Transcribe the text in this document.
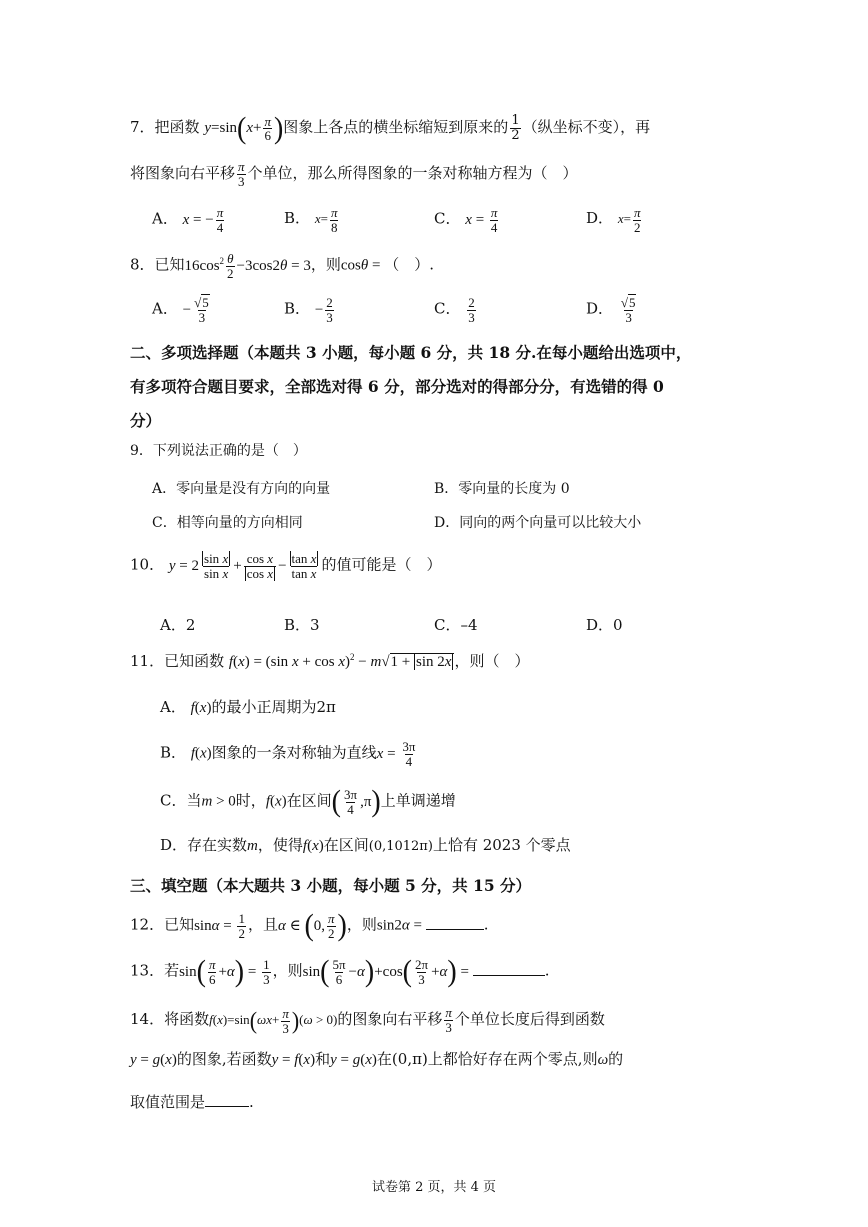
7．把函数 $y=\sin(x+ \frac{\pi}{6}$ )图象上各点的横坐标缩短到原来的 $\frac{1}{2}$ （纵坐标不变），再
将图象向右平移 $\frac{\pi}{3}$ 个单位，那么所得图象的一条对称轴方程为（　）
A． x = − $\frac{\pi}{4}$	B． $x= \frac{\pi}{8}$	C． $x = \frac{\pi}{4}$	D． $x= \frac{\pi}{2}$
8．已知$16\cos^2 \frac{\theta}{2} -3\cos 2\theta = 3$，则cosθ = （　）.
A． − $\frac{√5}{3}$	B． − $\frac{2}{3}$	C． $\frac{2}{3}$	D． $\frac{√5}{3}$
二、多项选择题（本题共 3 小题，每小题 6 分，共 18 分.在每小题给出选项中，
有多项符合题目要求，全部选对得 6 分，部分选对的得部分分，有选错的得 0
分）
9．下列说法正确的是（　）
A．零向量是没有方向的向量	B．零向量的长度为 0
C．相等向量的方向相同	D．同向的两个向量可以比较大小
10． $y = 2 \frac{\text{sin x}}{\text{sin x}} + \frac{\text{cos x}}{\text{cos x}} - \frac{\text{tan x}}{\text{tan x}}$ 的值可能是（　）
A．2	B．3	C．–4	D．0
11．已知函数 f(x) = (sin x + cos x)$^2$ − m√1 + sin 2x ，则（　）
A． f(x)的最小正周期为2π
B． f(x)图象的一条对称轴为直线$x = \frac{3\pi}{4}$
C．当m > 0时，f(x)在区间( $\frac{3\pi}{4} ,\pi$)上单调递增
D．存在实数m，使得f(x)在区间(0,1012π)上恰有 2023 个零点
三、填空题（本大题共 3 小题，每小题 5 分，共 15 分）
12．已知$\sin\alpha = \frac{1}{2}$ ，且α ∈ (0, $\frac{\pi}{2}$ )，则sin2α =	.
13．若$\sin( \frac{\pi}{6} +\alpha) = \frac{1}{3}$ ，则$\sin( \frac{5\pi}{6} -\alpha)+\cos( \frac{2\pi}{3} +\alpha)$ =	.
14．将函数$f(x)=\sin(\omega x+ \frac{\pi}{3} )(\omega > 0)$的图象向右平移 $\frac{\pi}{3}$ 个单位长度后得到函数
y = g(x)的图象,若函数y = f(x)和y = g(x)在(0,π)上都恰好存在两个零点,则ω的
取值范围是	.
试卷第 2 页，共 4 页
